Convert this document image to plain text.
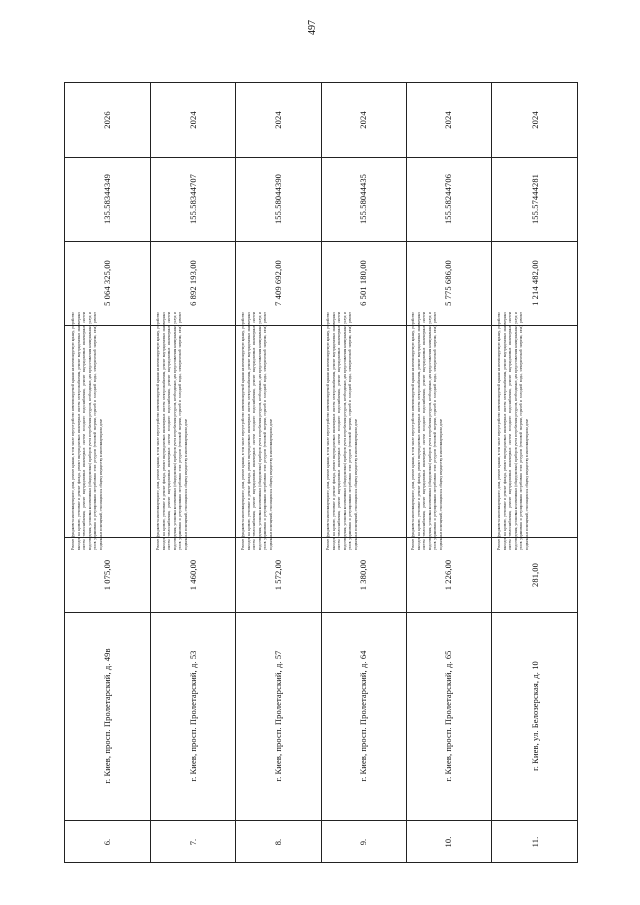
497
6.
г. Киев, просп. Пролетарский, д. 49в
1 075,00
Ремонт фундамента многоквартирного дома, ремонт крыши, в том числе переустройство невентилируемой крыши на вентилируемую крышу, устройство выходов на кровлю, утепление и ремонт фасада, ремонт внутридомовых инженерных систем электроснабжения, ремонт внутридомовых инженерных систем теплоснабжения, ремонт внутридомовых инженерных систем холодного водоснабжения, ремонт внутридомовых инженерных систем водоотведения, установка коллективных (общедомовых) приборов учета потребления ресурсов, необходимых для предоставления коммунальных услуг, и узлов управления и регулирования потребления этих ресурсов (тепловой энергии, горячей и холодной воды, электрической энергии, газа), ремонт подвальных помещений, относящихся к общему имуществу в многоквартирном доме
5 064 325,00
135.58344349
2026
7.
г. Киев, просп. Пролетарский, д. 53
1 460,00
Ремонт фундамента многоквартирного дома, ремонт крыши, в том числе переустройство невентилируемой крыши на вентилируемую крышу, устройство выходов на кровлю, утепление и ремонт фасада, ремонт внутридомовых инженерных систем электроснабжения, ремонт внутридомовых инженерных систем теплоснабжения, ремонт внутридомовых инженерных систем холодного водоснабжения, ремонт внутридомовых инженерных систем водоотведения, установка коллективных (общедомовых) приборов учета потребления ресурсов, необходимых для предоставления коммунальных услуг, и узлов управления и регулирования потребления этих ресурсов (тепловой энергии, горячей и холодной воды, электрической энергии, газа), ремонт подвальных помещений, относящихся к общему имуществу в многоквартирном доме
6 892 193,00
155.58344707
2024
8.
г. Киев, просп. Пролетарский, д. 57
1 572,00
Ремонт фундамента многоквартирного дома, ремонт крыши, в том числе переустройство невентилируемой крыши на вентилируемую крышу, устройство выходов на кровлю, утепление и ремонт фасада, ремонт внутридомовых инженерных систем электроснабжения, ремонт внутридомовых инженерных систем теплоснабжения, ремонт внутридомовых инженерных систем холодного водоснабжения, ремонт внутридомовых инженерных систем водоотведения, установка коллективных (общедомовых) приборов учета потребления ресурсов, необходимых для предоставления коммунальных услуг, и узлов управления и регулирования потребления этих ресурсов (тепловой энергии, горячей и холодной воды, электрической энергии, газа), ремонт подвальных помещений, относящихся к общему имуществу в многоквартирном доме
7 409 692,00
155.58044390
2024
9.
г. Киев, просп. Пролетарский, д. 64
1 380,00
Ремонт фундамента многоквартирного дома, ремонт крыши, в том числе переустройство невентилируемой крыши на вентилируемую крышу, устройство выходов на кровлю, утепление и ремонт фасада, ремонт внутридомовых инженерных систем электроснабжения, ремонт внутридомовых инженерных систем теплоснабжения, ремонт внутридомовых инженерных систем холодного водоснабжения, ремонт внутридомовых инженерных систем водоотведения, установка коллективных (общедомовых) приборов учета потребления ресурсов, необходимых для предоставления коммунальных услуг, и узлов управления и регулирования потребления этих ресурсов (тепловой энергии, горячей и холодной воды, электрической энергии, газа), ремонт подвальных помещений, относящихся к общему имуществу в многоквартирном доме
6 501 180,00
155.58044435
2024
10.
г. Киев, просп. Пролетарский, д. 65
1 226,00
Ремонт фундамента многоквартирного дома, ремонт крыши, в том числе переустройство невентилируемой крыши на вентилируемую крышу, устройство выходов на кровлю, утепление и ремонт фасада, ремонт внутридомовых инженерных систем электроснабжения, ремонт внутридомовых инженерных систем теплоснабжения, ремонт внутридомовых инженерных систем холодного водоснабжения, ремонт внутридомовых инженерных систем водоотведения, установка коллективных (общедомовых) приборов учета потребления ресурсов, необходимых для предоставления коммунальных услуг, и узлов управления и регулирования потребления этих ресурсов (тепловой энергии, горячей и холодной воды, электрической энергии, газа), ремонт подвальных помещений, относящихся к общему имуществу в многоквартирном доме
5 775 686,00
155.58244706
2024
11.
г. Киев, ул. Белозерская, д. 10
281,00
Ремонт фундамента многоквартирного дома, ремонт крыши, в том числе переустройство невентилируемой крыши на вентилируемую крышу, устройство выходов на кровлю, утепление и ремонт фасада, ремонт внутридомовых инженерных систем электроснабжения, ремонт внутридомовых инженерных систем теплоснабжения, ремонт внутридомовых инженерных систем холодного водоснабжения, ремонт внутридомовых инженерных систем водоотведения, установка коллективных (общедомовых) приборов учета потребления ресурсов, необходимых для предоставления коммунальных услуг, и узлов управления и регулирования потребления этих ресурсов (тепловой энергии, горячей и холодной воды, электрической энергии, газа), ремонт подвальных помещений, относящихся к общему имуществу в многоквартирном доме
1 214 482,00
155.57444281
2024
